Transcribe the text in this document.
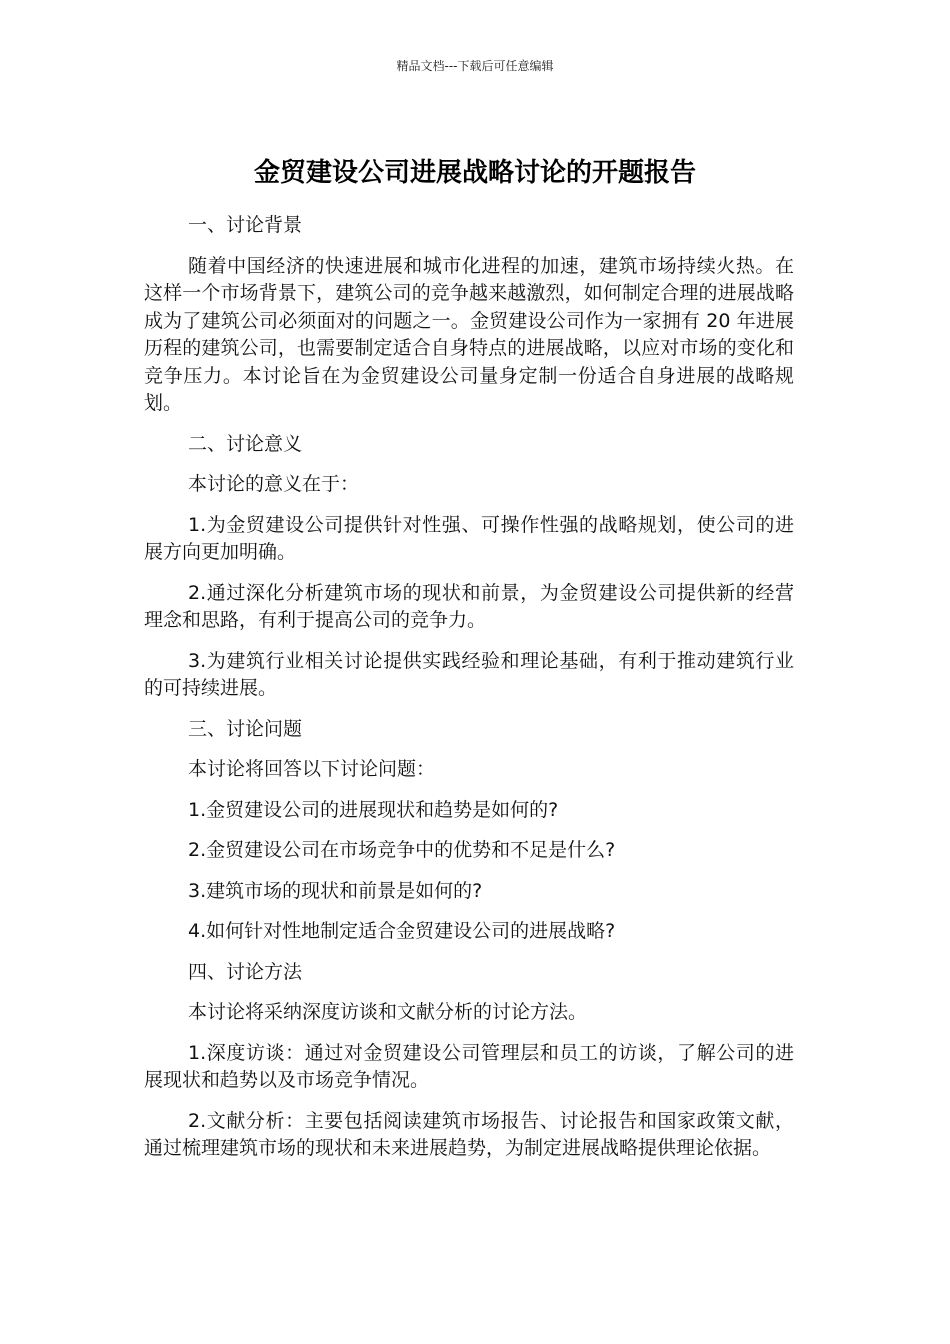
精品文档---下载后可任意编辑
金贸建设公司进展战略讨论的开题报告

一、讨论背景

随着中国经济的快速进展和城市化进程的加速，建筑市场持续火热。在这样一个市场背景下，建筑公司的竞争越来越激烈，如何制定合理的进展战略成为了建筑公司必须面对的问题之一。金贸建设公司作为一家拥有 20 年进展历程的建筑公司，也需要制定适合自身特点的进展战略，以应对市场的变化和竞争压力。本讨论旨在为金贸建设公司量身定制一份适合自身进展的战略规划。

二、讨论意义

本讨论的意义在于：

1.为金贸建设公司提供针对性强、可操作性强的战略规划，使公司的进展方向更加明确。

2.通过深化分析建筑市场的现状和前景，为金贸建设公司提供新的经营理念和思路，有利于提高公司的竞争力。

3.为建筑行业相关讨论提供实践经验和理论基础，有利于推动建筑行业的可持续进展。

三、讨论问题

本讨论将回答以下讨论问题：

1.金贸建设公司的进展现状和趋势是如何的?

2.金贸建设公司在市场竞争中的优势和不足是什么?

3.建筑市场的现状和前景是如何的?

4.如何针对性地制定适合金贸建设公司的进展战略?

四、讨论方法

本讨论将采纳深度访谈和文献分析的讨论方法。

1.深度访谈：通过对金贸建设公司管理层和员工的访谈，了解公司的进展现状和趋势以及市场竞争情况。

2.文献分析：主要包括阅读建筑市场报告、讨论报告和国家政策文献，通过梳理建筑市场的现状和未来进展趋势，为制定进展战略提供理论依据。
